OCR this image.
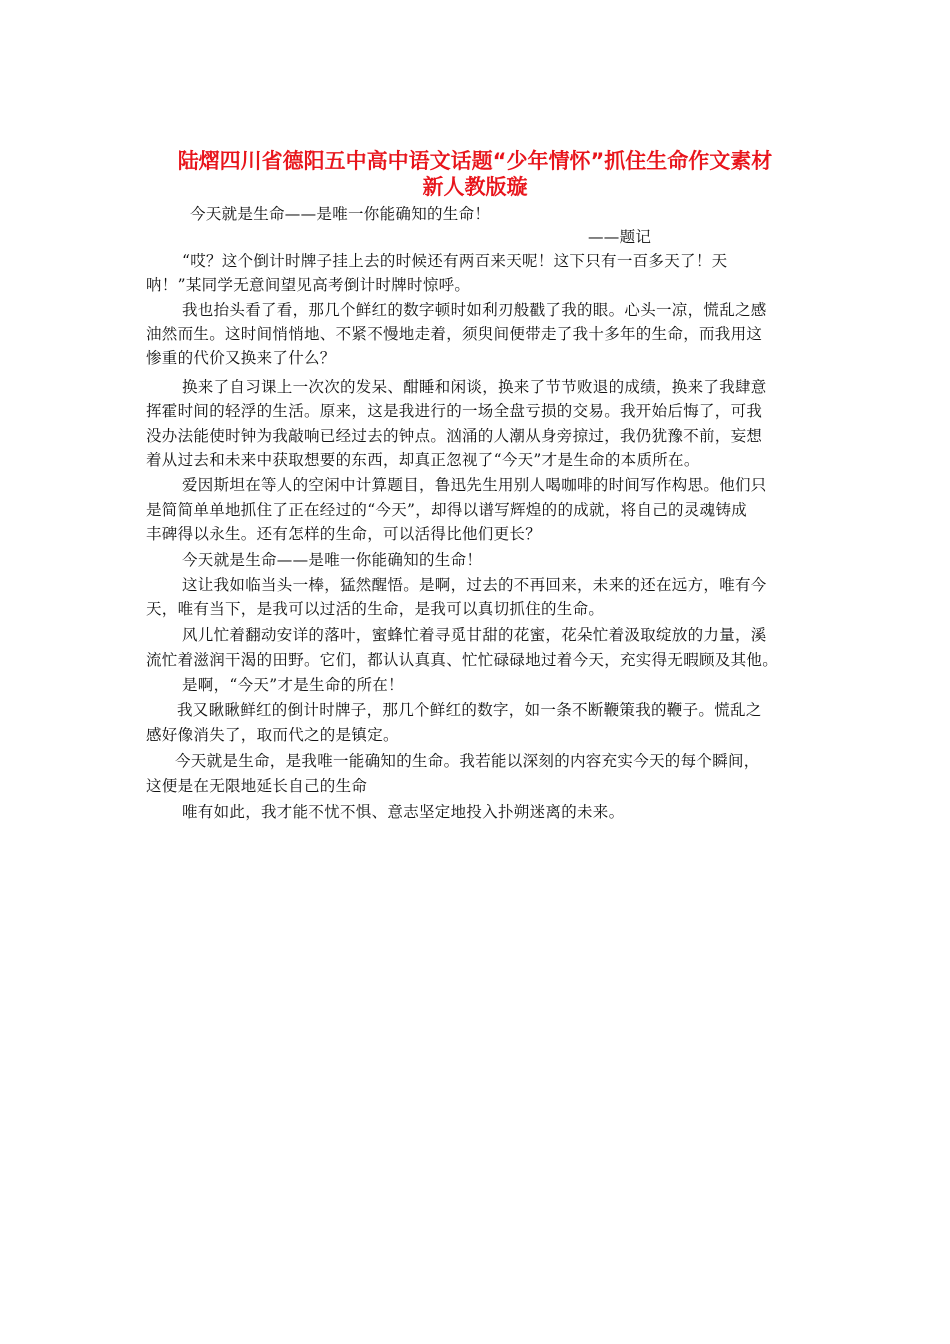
陆熠四川省德阳五中高中语文话题“少年情怀”抓住生命作文素材
新人教版璇
今天就是生命——是唯一你能确知的生命！
——题记
“哎？这个倒计时牌子挂上去的时候还有两百来天呢！这下只有一百多天了！天
呐！”某同学无意间望见高考倒计时牌时惊呼。
我也抬头看了看，那几个鲜红的数字顿时如利刃般戳了我的眼。心头一凉，慌乱之感
油然而生。这时间悄悄地、不紧不慢地走着，须臾间便带走了我十多年的生命，而我用这
惨重的代价又换来了什么？
换来了自习课上一次次的发呆、酣睡和闲谈，换来了节节败退的成绩，换来了我肆意
挥霍时间的轻浮的生活。原来，这是我进行的一场全盘亏损的交易。我开始后悔了，可我
没办法能使时钟为我敲响已经过去的钟点。汹涌的人潮从身旁掠过，我仍犹豫不前，妄想
着从过去和未来中获取想要的东西，却真正忽视了“今天”才是生命的本质所在。
爱因斯坦在等人的空闲中计算题目，鲁迅先生用别人喝咖啡的时间写作构思。他们只
是简简单单地抓住了正在经过的“今天”，却得以谱写辉煌的的成就，将自己的灵魂铸成
丰碑得以永生。还有怎样的生命，可以活得比他们更长？
今天就是生命——是唯一你能确知的生命！
这让我如临当头一棒，猛然醒悟。是啊，过去的不再回来，未来的还在远方，唯有今
天，唯有当下，是我可以过活的生命，是我可以真切抓住的生命。
风儿忙着翻动安详的落叶，蜜蜂忙着寻觅甘甜的花蜜，花朵忙着汲取绽放的力量，溪
流忙着滋润干渴的田野。它们，都认认真真、忙忙碌碌地过着今天，充实得无暇顾及其他。
是啊，“今天”才是生命的所在！
我又瞅瞅鲜红的倒计时牌子，那几个鲜红的数字，如一条不断鞭策我的鞭子。慌乱之
感好像消失了，取而代之的是镇定。
今天就是生命，是我唯一能确知的生命。我若能以深刻的内容充实今天的每个瞬间，
这便是在无限地延长自己的生命
唯有如此，我才能不忧不惧、意志坚定地投入扑朔迷离的未来。
